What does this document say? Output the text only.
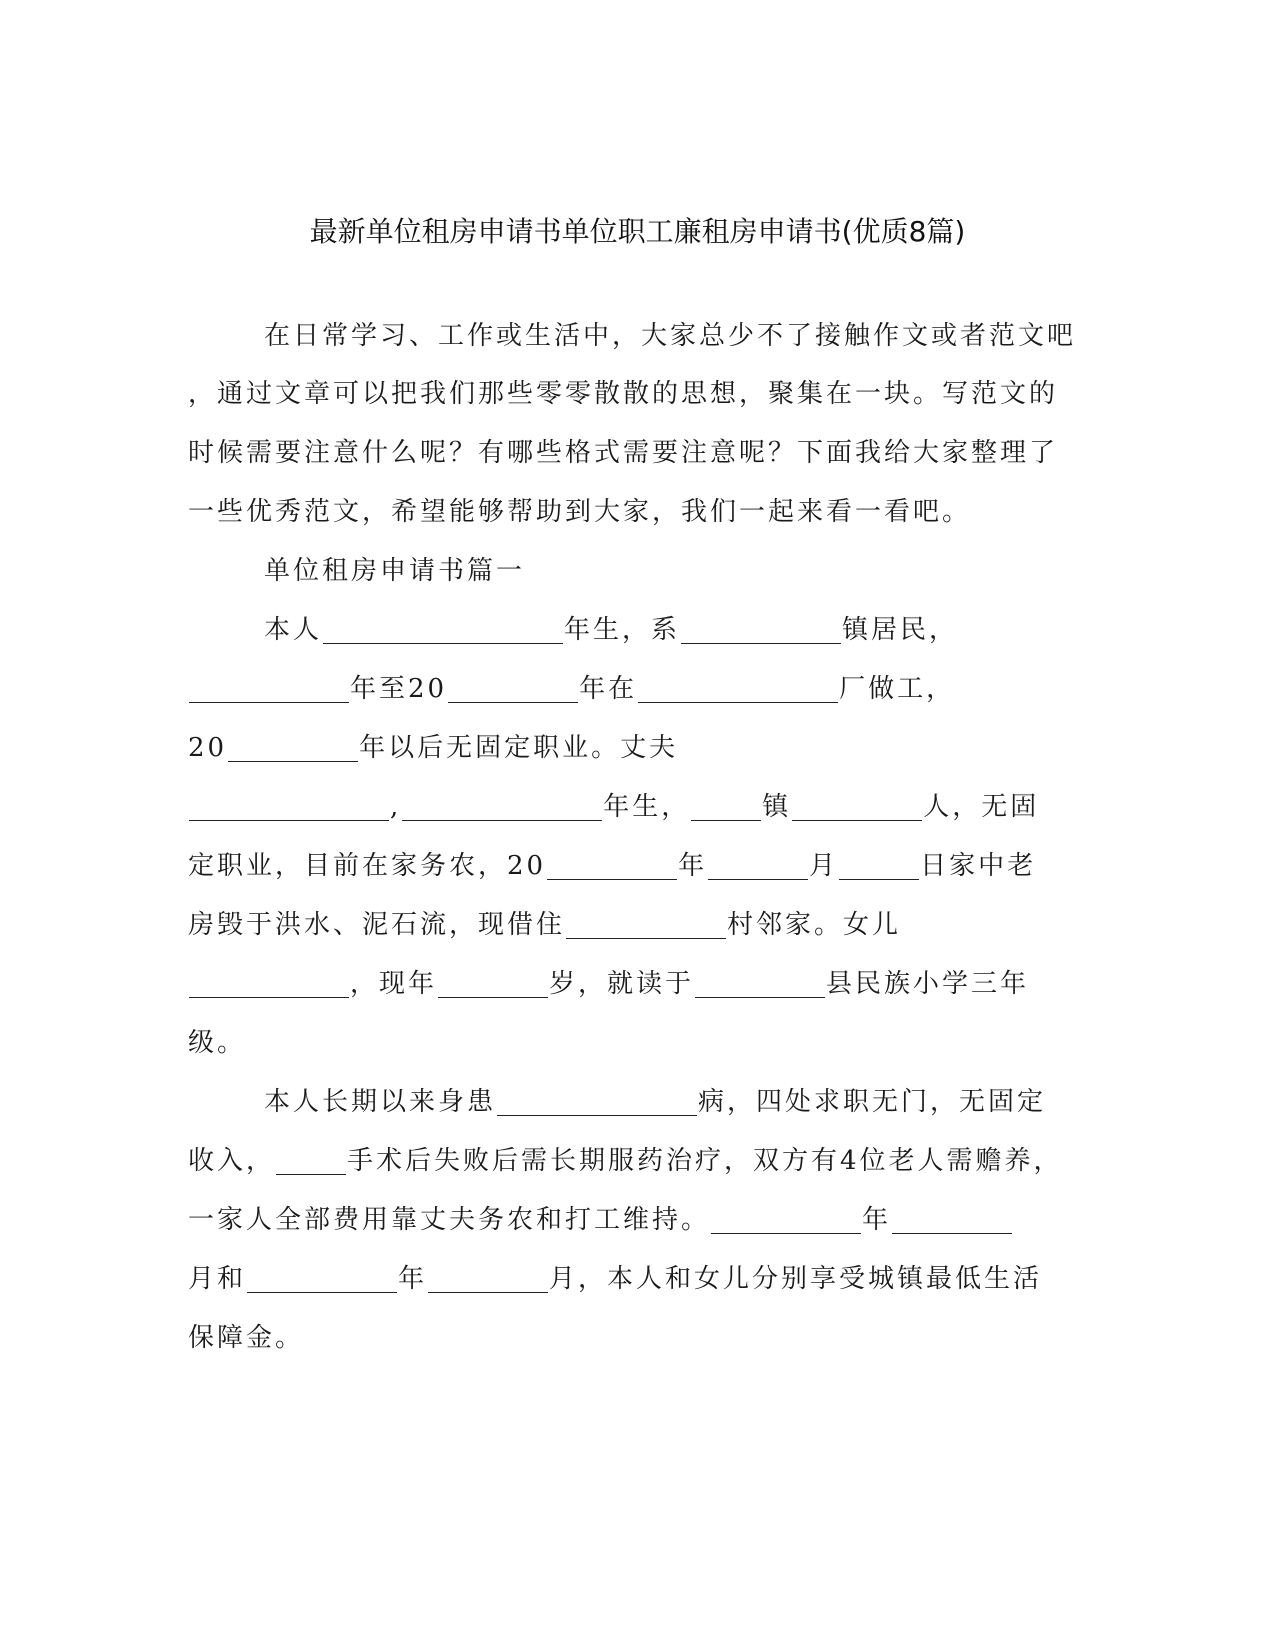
最新单位租房申请书单位职工廉租房申请书(优质8篇)
在日常学习、工作或生活中，大家总少不了接触作文或者范文吧
，通过文章可以把我们那些零零散散的思想，聚集在一块。写范文的
时候需要注意什么呢？有哪些格式需要注意呢？下面我给大家整理了
一些优秀范文，希望能够帮助到大家，我们一起来看一看吧。
单位租房申请书篇一
本人	年生，系	镇居民，
年至20	年在	厂做工，
20	年以后无固定职业。丈夫
,	年生，	镇	人，无固
定职业，目前在家务农，20	年	月	日家中老
房毁于洪水、泥石流，现借住	村邻家。女儿
，现年	岁，就读于	县民族小学三年
级。
本人长期以来身患	病，四处求职无门，无固定
收入，	手术后失败后需长期服药治疗，双方有4位老人需赡养，
一家人全部费用靠丈夫务农和打工维持。	年
月和	年	月，本人和女儿分别享受城镇最低生活
保障金。
